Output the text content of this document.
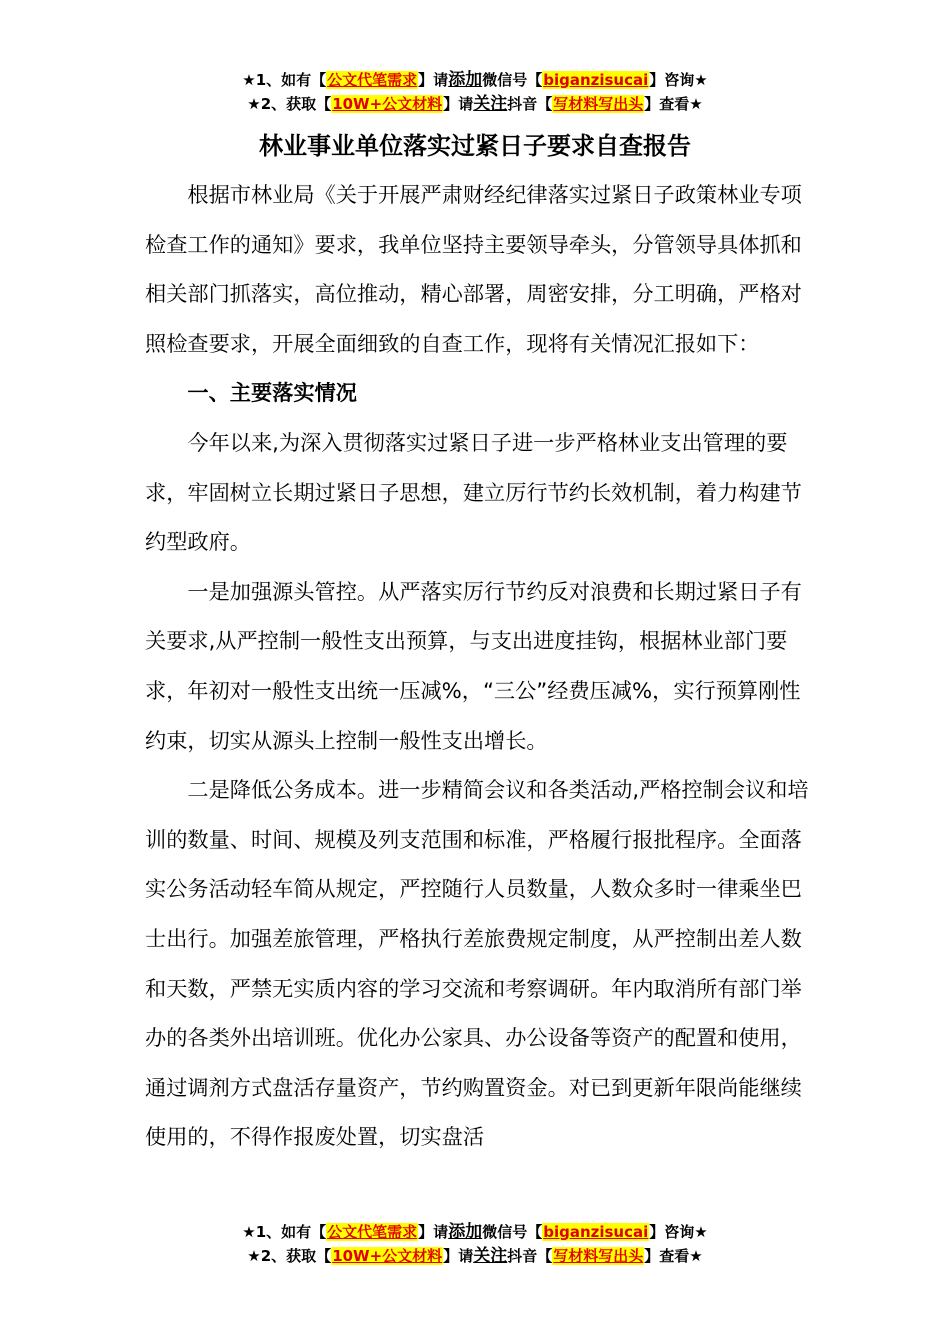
★1、如有【公文代笔需求】请添加微信号【biganzisucai】咨询★
★2、获取【10W+公文材料】请关注抖音【写材料写出头】查看★
林业事业单位落实过紧日子要求自查报告

根据市林业局《关于开展严肃财经纪律落实过紧日子政策林业专项检查工作的通知》要求，我单位坚持主要领导牵头，分管领导具体抓和相关部门抓落实，高位推动，精心部署，周密安排，分工明确，严格对照检查要求，开展全面细致的自查工作，现将有关情况汇报如下：

一、主要落实情况

今年以来,为深入贯彻落实过紧日子进一步严格林业支出管理的要求，牢固树立长期过紧日子思想，建立厉行节约长效机制，着力构建节约型政府。

一是加强源头管控。从严落实厉行节约反对浪费和长期过紧日子有关要求,从严控制一般性支出预算，与支出进度挂钩，根据林业部门要求，年初对一般性支出统一压减%，“三公”经费压减%，实行预算刚性约束，切实从源头上控制一般性支出增长。

二是降低公务成本。进一步精简会议和各类活动,严格控制会议和培训的数量、时间、规模及列支范围和标准，严格履行报批程序。全面落实公务活动轻车简从规定，严控随行人员数量，人数众多时一律乘坐巴士出行。加强差旅管理，严格执行差旅费规定制度，从严控制出差人数和天数，严禁无实质内容的学习交流和考察调研。年内取消所有部门举办的各类外出培训班。优化办公家具、办公设备等资产的配置和使用，通过调剂方式盘活存量资产，节约购置资金。对已到更新年限尚能继续使用的，不得作报废处置，切实盘活

★1、如有【公文代笔需求】请添加微信号【biganzisucai】咨询★
★2、获取【10W+公文材料】请关注抖音【写材料写出头】查看★
